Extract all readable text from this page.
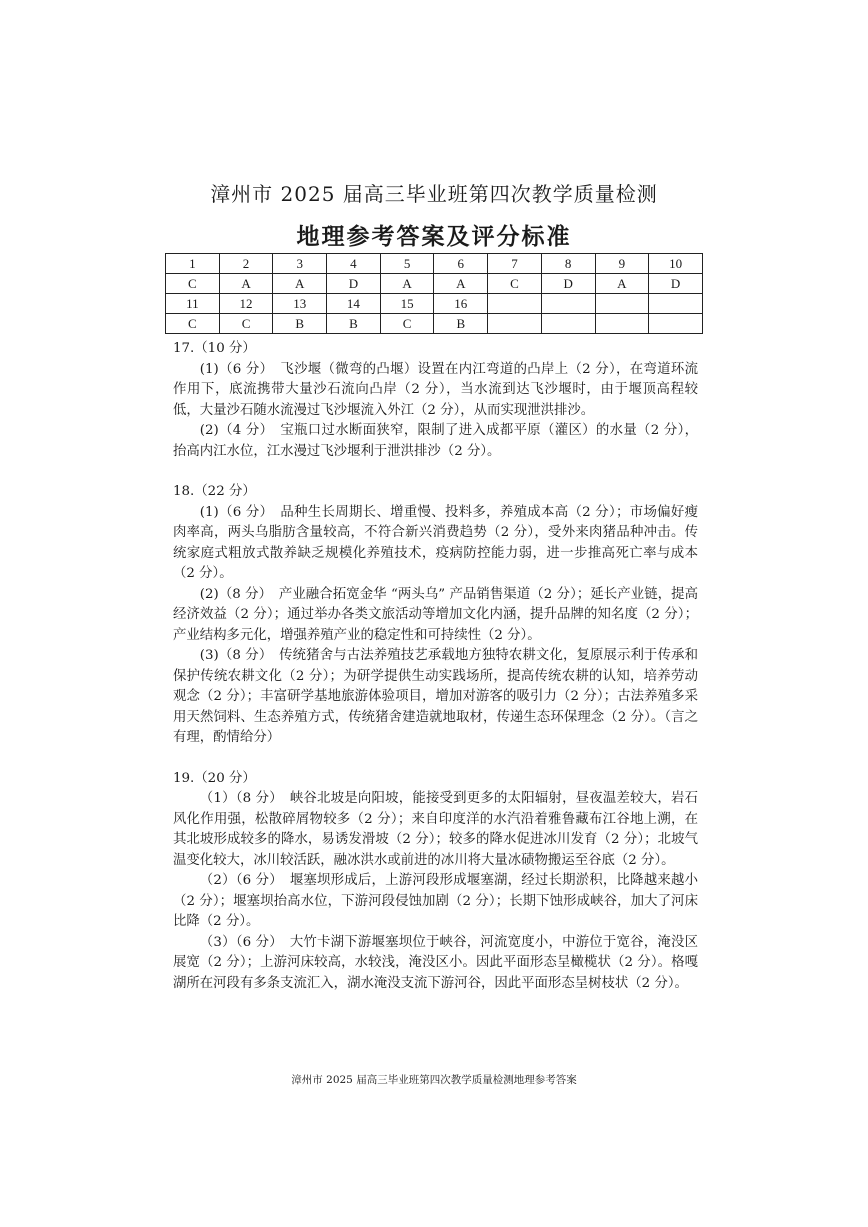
漳州市 2025 届高三毕业班第四次教学质量检测
地理参考答案及评分标准
1	2	3	4	5	6	7	8	9	10
C	A	A	D	A	A	C	D	A	D
11	12	13	14	15	16				
C	C	B	B	C	B				

17.（10 分）

(1)（6 分）　飞沙堰（微弯的凸堰）设置在内江弯道的凸岸上（2 分），在弯道环流作用下，底流携带大量沙石流向凸岸（2 分），当水流到达飞沙堰时，由于堰顶高程较低，大量沙石随水流漫过飞沙堰流入外江（2 分），从而实现泄洪排沙。

(2)（4 分）　宝瓶口过水断面狭窄，限制了进入成都平原（灌区）的水量（2 分），抬高内江水位，江水漫过飞沙堰利于泄洪排沙（2 分）。

18.（22 分）

(1)（6 分）　品种生长周期长、增重慢、投料多，养殖成本高（2 分）；市场偏好瘦肉率高，两头乌脂肪含量较高，不符合新兴消费趋势（2 分），受外来肉猪品种冲击。传统家庭式粗放式散养缺乏规模化养殖技术，疫病防控能力弱，进一步推高死亡率与成本（2 分）。

(2)（8 分）　产业融合拓宽金华 “两头乌” 产品销售渠道（2 分）；延长产业链，提高经济效益（2 分）；通过举办各类文旅活动等增加文化内涵，提升品牌的知名度（2 分）；产业结构多元化，增强养殖产业的稳定性和可持续性（2 分）。

(3)（8 分）　传统猪舍与古法养殖技艺承载地方独特农耕文化，复原展示利于传承和保护传统农耕文化（2 分）；为研学提供生动实践场所，提高传统农耕的认知，培养劳动观念（2 分）；丰富研学基地旅游体验项目，增加对游客的吸引力（2 分）；古法养殖多采用天然饲料、生态养殖方式，传统猪舍建造就地取材，传递生态环保理念（2 分）。（言之有理，酌情给分）

19.（20 分）

（1）（8 分）　峡谷北坡是向阳坡，能接受到更多的太阳辐射，昼夜温差较大，岩石风化作用强，松散碎屑物较多（2 分）；来自印度洋的水汽沿着雅鲁藏布江谷地上溯，在其北坡形成较多的降水，易诱发滑坡（2 分）；较多的降水促进冰川发育（2 分）；北坡气温变化较大，冰川较活跃，融冰洪水或前进的冰川将大量冰碛物搬运至谷底（2 分）。

（2）（6 分）　堰塞坝形成后，上游河段形成堰塞湖，经过长期淤积，比降越来越小（2 分）；堰塞坝抬高水位，下游河段侵蚀加剧（2 分）；长期下蚀形成峡谷，加大了河床比降（2 分）。

（3）（6 分）　大竹卡湖下游堰塞坝位于峡谷，河流宽度小，中游位于宽谷，淹没区展宽（2 分）；上游河床较高，水较浅，淹没区小。因此平面形态呈橄榄状（2 分）。格嘎湖所在河段有多条支流汇入，湖水淹没支流下游河谷，因此平面形态呈树枝状（2 分）。

漳州市 2025 届高三毕业班第四次教学质量检测地理参考答案
